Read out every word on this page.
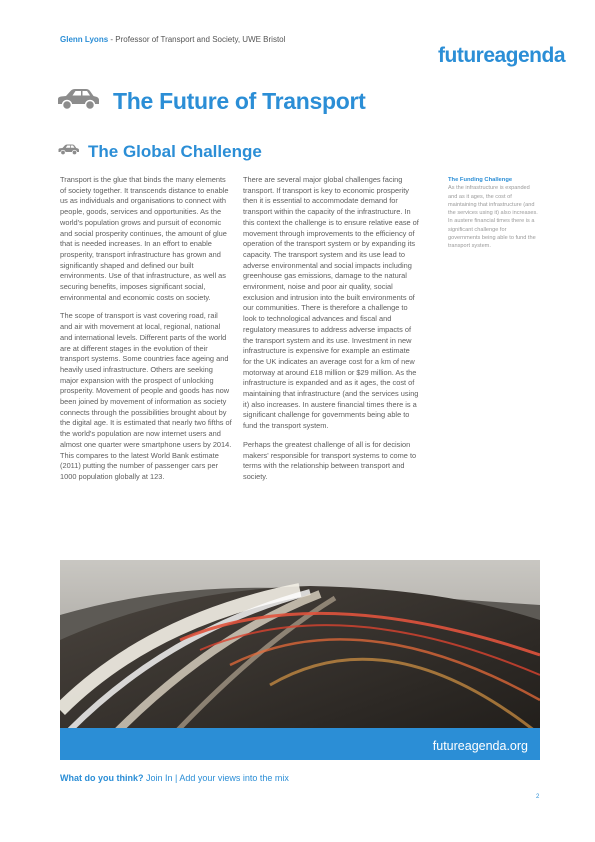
Glenn Lyons - Professor of Transport and Society, UWE Bristol
futureagenda
The Future of Transport
The Global Challenge

Transport is the glue that binds the many elements of society together. It transcends distance to enable us as individuals and organisations to connect with people, goods, services and opportunities. As the world's population grows and pursuit of economic and social prosperity continues, the amount of glue that is needed increases. In an effort to enable prosperity, transport infrastructure has grown and significantly shaped and defined our built environments. Use of that infrastructure, as well as securing benefits, imposes significant social, environmental and economic costs on society.

The scope of transport is vast covering road, rail and air with movement at local, regional, national and international levels. Different parts of the world are at different stages in the evolution of their transport systems. Some countries face ageing and heavily used infrastructure. Others are seeking major expansion with the prospect of unlocking prosperity. Movement of people and goods has now been joined by movement of information as society connects through the possibilities brought about by the digital age. It is estimated that nearly two fifths of the world's population are now internet users and almost one quarter were smartphone users by 2014. This compares to the latest World Bank estimate (2011) putting the number of passenger cars per 1000 population globally at 123.

There are several major global challenges facing transport. If transport is key to economic prosperity then it is essential to accommodate demand for transport within the capacity of the infrastructure. In this context the challenge is to ensure relative ease of movement through improvements to the efficiency of operation of the transport system or by expanding its capacity. The transport system and its use lead to adverse environmental and social impacts including greenhouse gas emissions, damage to the natural environment, noise and poor air quality, social exclusion and intrusion into the built environments of our communities. There is therefore a challenge to look to technological advances and fiscal and regulatory measures to address adverse impacts of the transport system and its use. Investment in new infrastructure is expensive for example an estimate for the UK indicates an average cost for a km of new motorway at around £18 million or $29 million. As the infrastructure is expanded and as it ages, the cost of maintaining that infrastructure (and the services using it) also increases. In austere financial times there is a significant challenge for governments being able to fund the transport system.

Perhaps the greatest challenge of all is for decision makers' responsible for transport systems to come to terms with the relationship between transport and society.

The Funding Challenge
As the infrastructure is expanded and as it ages, the cost of maintaining that infrastructure (and the services using it) also increases. In austere financial times there is a significant challenge for governments being able to fund the transport system.
futureagenda.org
What do you think? Join In | Add your views into the mix
2
